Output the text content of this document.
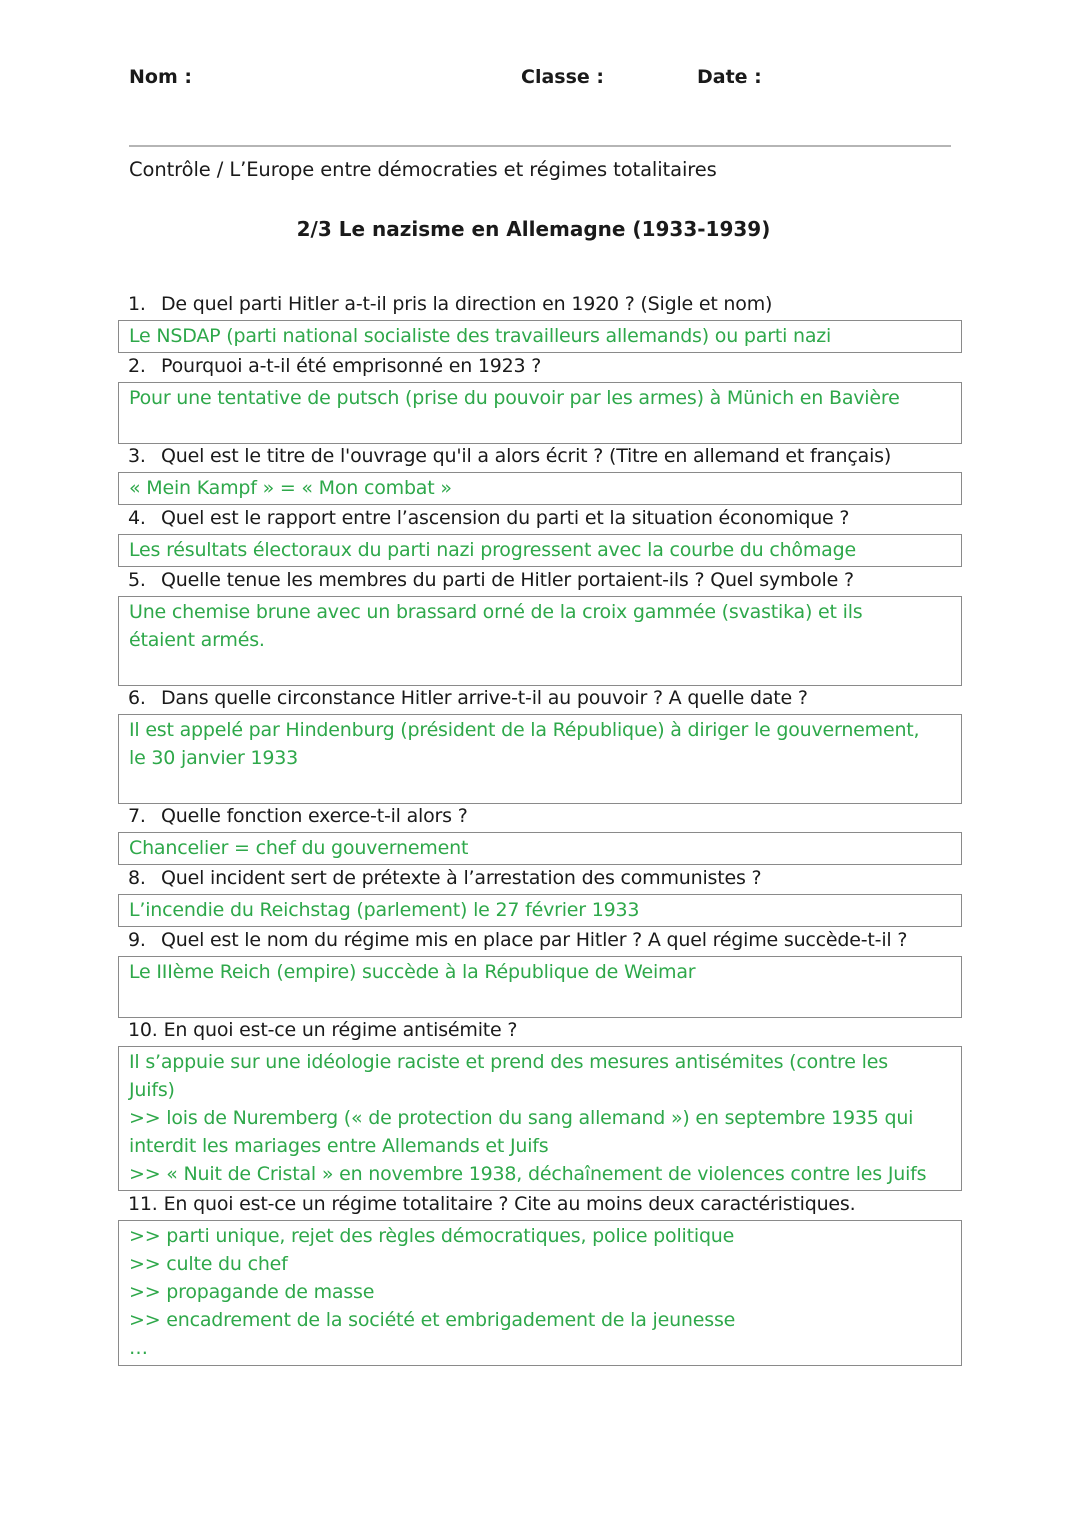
Nom :	Classe :	Date :
Contrôle / L’Europe entre démocraties et régimes totalitaires
2/3 Le nazisme en Allemagne (1933-1939)
1. De quel parti Hitler a-t-il pris la direction en 1920 ? (Sigle et nom)
Le NSDAP (parti national socialiste des travailleurs allemands) ou parti nazi
2. Pourquoi a-t-il été emprisonné en 1923 ?
Pour une tentative de putsch (prise du pouvoir par les armes) à Münich en Bavière
3. Quel est le titre de l'ouvrage qu'il a alors écrit ? (Titre en allemand et français)
« Mein Kampf » = « Mon combat »
4. Quel est le rapport entre l’ascension du parti et la situation économique ?
Les résultats électoraux du parti nazi progressent avec la courbe du chômage
5. Quelle tenue les membres du parti de Hitler portaient-ils ? Quel symbole ?
Une chemise brune avec un brassard orné de la croix gammée (svastika) et ils
étaient armés.
6. Dans quelle circonstance Hitler arrive-t-il au pouvoir ? A quelle date ?
Il est appelé par Hindenburg (président de la République) à diriger le gouvernement,
le 30 janvier 1933
7. Quelle fonction exerce-t-il alors ?
Chancelier = chef du gouvernement
8. Quel incident sert de prétexte à l’arrestation des communistes ?
L’incendie du Reichstag (parlement) le 27 février 1933
9. Quel est le nom du régime mis en place par Hitler ? A quel régime succède-t-il ?
Le IIIème Reich (empire) succède à la République de Weimar
10. En quoi est-ce un régime antisémite ?
Il s’appuie sur une idéologie raciste et prend des mesures antisémites (contre les
Juifs)
>> lois de Nuremberg (« de protection du sang allemand ») en septembre 1935 qui
interdit les mariages entre Allemands et Juifs
>> « Nuit de Cristal » en novembre 1938, déchaînement de violences contre les Juifs
11. En quoi est-ce un régime totalitaire ? Cite au moins deux caractéristiques.
>> parti unique, rejet des règles démocratiques, police politique
>> culte du chef
>> propagande de masse
>> encadrement de la société et embrigadement de la jeunesse
…
